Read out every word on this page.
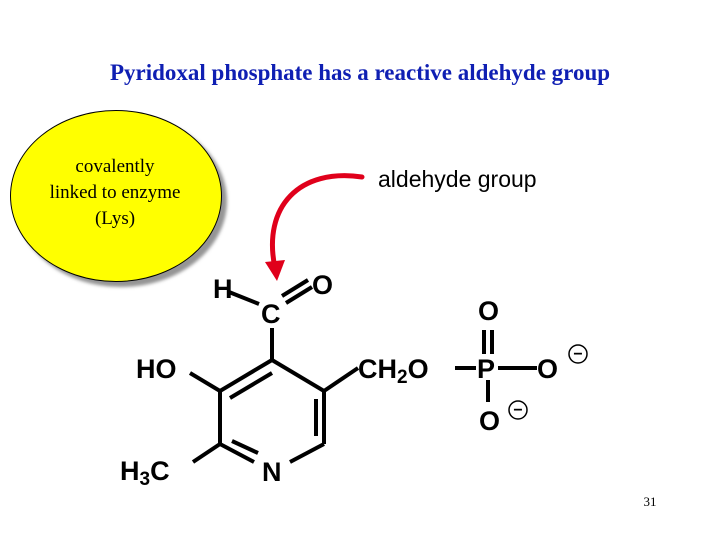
Pyridoxal phosphate has a reactive aldehyde group
covalently
linked to enzyme
(Lys)
aldehyde group
H
C
O
HO	CH2O P
O
O
O
−
−
H3C	N
31
